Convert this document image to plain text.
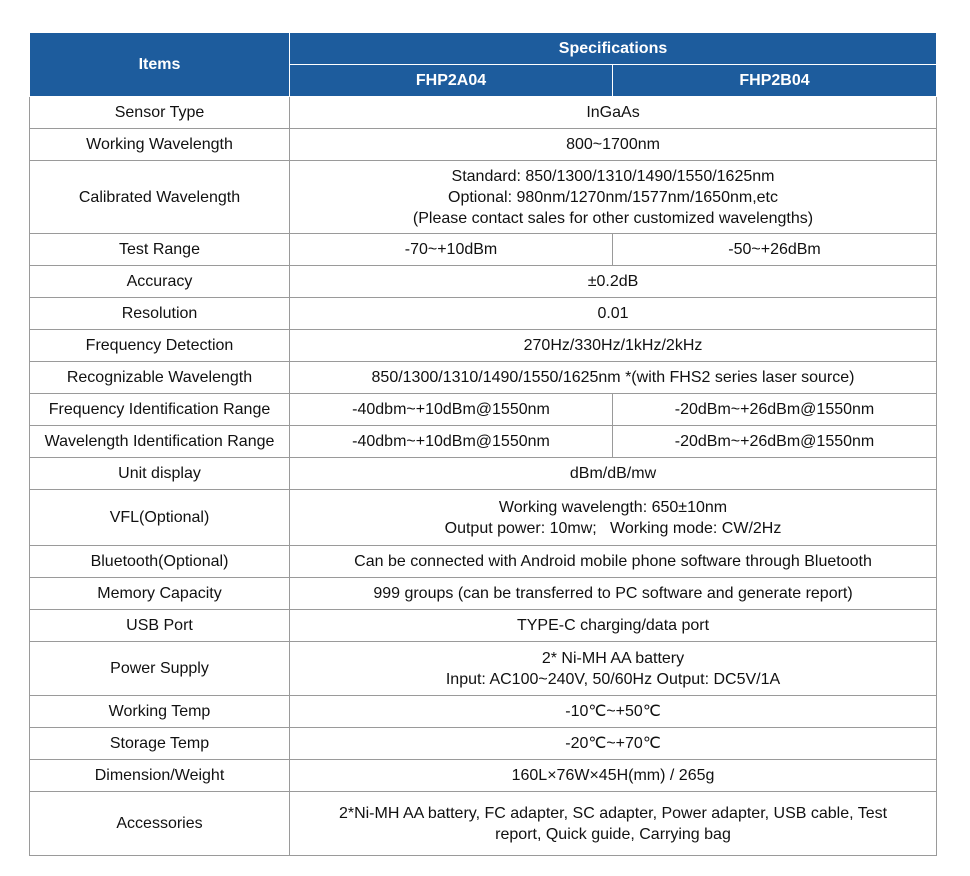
Items	Specifications	
	FHP2A04	FHP2B04
Sensor Type	InGaAs	
Working Wavelength	800~1700nm	
Calibrated Wavelength	Standard: 850/1300/1310/1490/1550/1625nm
Optional: 980nm/1270nm/1577nm/1650nm,etc
(Please contact sales for other customized wavelengths)	

Test Range	-70~+10dBm	-50~+26dBm
Accuracy	±0.2dB	
Resolution	0.01	
Frequency Detection	270Hz/330Hz/1kHz/2kHz	
Recognizable Wavelength	850/1300/1310/1490/1550/1625nm *(with FHS2 series laser source)	
Frequency Identification Range	-40dbm~+10dBm@1550nm	-20dBm~+26dBm@1550nm
Wavelength Identification Range	-40dbm~+10dBm@1550nm	-20dBm~+26dBm@1550nm
Unit display	dBm/dB/mw	
VFL(Optional)	Working wavelength: 650±10nm
Output power: 10mw;   Working mode: CW/2Hz	

Bluetooth(Optional)	Can be connected with Android mobile phone software through Bluetooth	
Memory Capacity	999 groups (can be transferred to PC software and generate report)	
USB Port	TYPE-C charging/data port	
Power Supply	2* Ni-MH AA battery
Input: AC100~240V, 50/60Hz Output: DC5V/1A	

Working Temp	-10℃~+50℃	
Storage Temp	-20℃~+70℃	
Dimension/Weight	160L×76W×45H(mm) / 265g	
Accessories	2*Ni-MH AA battery, FC adapter, SC adapter, Power adapter, USB cable, Test
report, Quick guide, Carrying bag	
